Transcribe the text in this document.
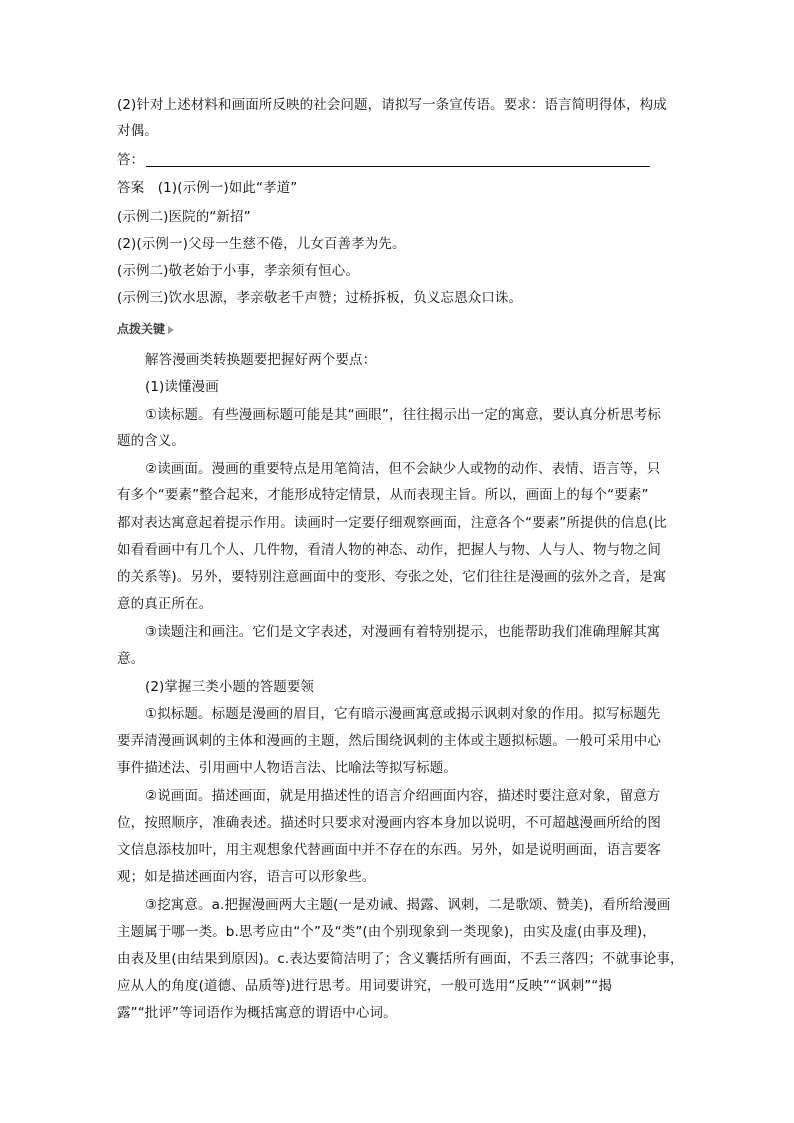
(2)针对上述材料和画面所反映的社会问题，请拟写一条宣传语。要求：语言简明得体，构成
对偶。
答：
答案　(1)(示例一)如此“孝道”
(示例二)医院的“新招”
(2)(示例一)父母一生慈不倦，儿女百善孝为先。
(示例二)敬老始于小事，孝亲须有恒心。
(示例三)饮水思源，孝亲敬老千声赞；过桥拆板，负义忘恩众口诛。
点拨关键
解答漫画类转换题要把握好两个要点：
(1)读懂漫画
①读标题。有些漫画标题可能是其“画眼”，往往揭示出一定的寓意，要认真分析思考标
题的含义。
②读画面。漫画的重要特点是用笔简洁，但不会缺少人或物的动作、表情、语言等，只
有多个“要素”整合起来，才能形成特定情景，从而表现主旨。所以，画面上的每个“要素”
都对表达寓意起着提示作用。读画时一定要仔细观察画面，注意各个“要素”所提供的信息(比
如看看画中有几个人、几件物，看清人物的神态、动作，把握人与物、人与人、物与物之间
的关系等)。另外，要特别注意画面中的变形、夸张之处，它们往往是漫画的弦外之音，是寓
意的真正所在。
③读题注和画注。它们是文字表述，对漫画有着特别提示，也能帮助我们准确理解其寓
意。
(2)掌握三类小题的答题要领
①拟标题。标题是漫画的眉目，它有暗示漫画寓意或揭示讽刺对象的作用。拟写标题先
要弄清漫画讽刺的主体和漫画的主题，然后围绕讽刺的主体或主题拟标题。一般可采用中心
事件描述法、引用画中人物语言法、比喻法等拟写标题。
②说画面。描述画面，就是用描述性的语言介绍画面内容，描述时要注意对象，留意方
位，按照顺序，准确表述。描述时只要求对漫画内容本身加以说明，不可超越漫画所给的图
文信息添枝加叶，用主观想象代替画面中并不存在的东西。另外，如是说明画面，语言要客
观；如是描述画面内容，语言可以形象些。
③挖寓意。a.把握漫画两大主题(一是劝诫、揭露、讽刺，二是歌颂、赞美)，看所给漫画
主题属于哪一类。b.思考应由“个”及“类”(由个别现象到一类现象)，由实及虚(由事及理)，
由表及里(由结果到原因)。c.表达要简洁明了；含义囊括所有画面，不丢三落四；不就事论事，
应从人的角度(道德、品质等)进行思考。用词要讲究，一般可选用“反映”“讽刺”“揭
露”“批评”等词语作为概括寓意的谓语中心词。
